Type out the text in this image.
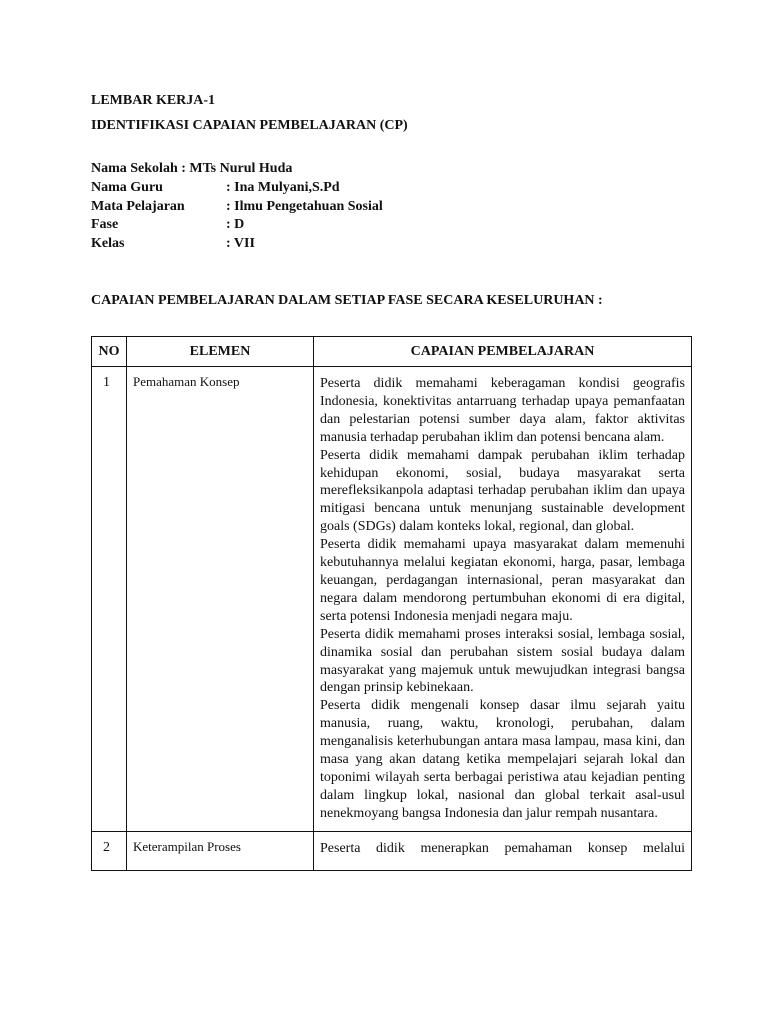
LEMBAR KERJA-1
IDENTIFIKASI CAPAIAN PEMBELAJARAN (CP)
Nama Sekolah : MTs Nurul Huda
Nama Guru	: Ina Mulyani,S.Pd
Mata Pelajaran	: Ilmu Pengetahuan Sosial
Fase	: D
Kelas	: VII
CAPAIAN PEMBELAJARAN DALAM SETIAP FASE SECARA KESELURUHAN :
NO	ELEMEN	CAPAIAN PEMBELAJARAN
1	Pemahaman Konsep	Peserta didik memahami keberagaman kondisi geografis Indonesia, konektivitas antarruang terhadap upaya pemanfaatan dan pelestarian potensi sumber daya alam, faktor aktivitas manusia terhadap perubahan iklim dan potensi bencana alam.

Peserta didik memahami dampak perubahan iklim terhadap kehidupan ekonomi, sosial, budaya masyarakat serta merefleksikanpola adaptasi terhadap perubahan iklim dan upaya mitigasi bencana untuk menunjang sustainable development goals (SDGs) dalam konteks lokal, regional, dan global.

Peserta didik memahami upaya masyarakat dalam memenuhi kebutuhannya melalui kegiatan ekonomi, harga, pasar, lembaga keuangan, perdagangan internasional, peran masyarakat dan negara dalam mendorong pertumbuhan ekonomi di era digital, serta potensi Indonesia menjadi negara maju.

Peserta didik memahami proses interaksi sosial, lembaga sosial, dinamika sosial dan perubahan sistem sosial budaya dalam masyarakat yang majemuk untuk mewujudkan integrasi bangsa dengan prinsip kebinekaan.

Peserta didik mengenali konsep dasar ilmu sejarah yaitu manusia, ruang, waktu, kronologi, perubahan, dalam menganalisis keterhubungan antara masa lampau, masa kini, dan masa yang akan datang ketika mempelajari sejarah lokal dan toponimi wilayah serta berbagai peristiwa atau kejadian penting dalam lingkup lokal, nasional dan global terkait asal-usul nenekmoyang bangsa Indonesia dan jalur rempah nusantara.

2	Keterampilan Proses	Peserta didik menerapkan pemahaman konsep melalui
